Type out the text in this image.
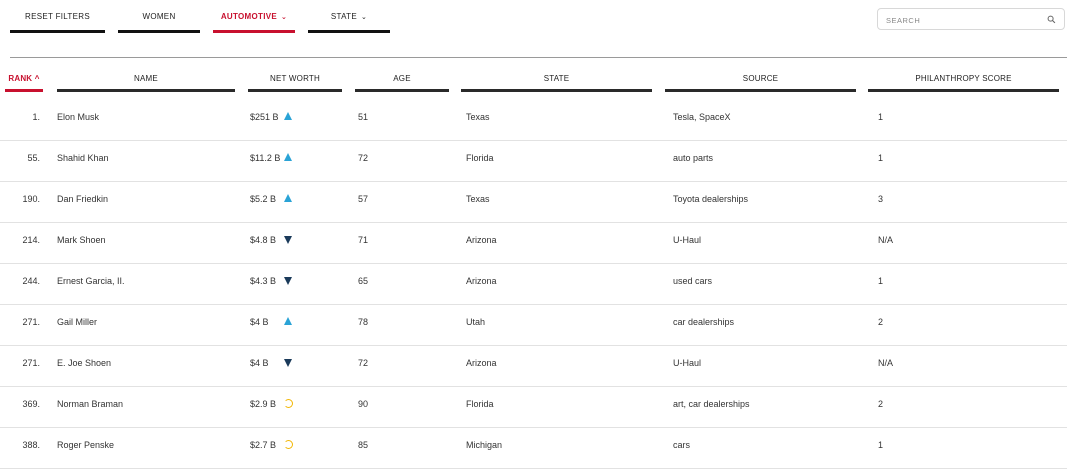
RESET FILTERS	WOMEN	AUTOMOTIVE ⌄	STATE ⌄
SEARCH
RANK ^	NAME	NET WORTH	AGE	STATE	SOURCE	PHILANTHROPY SCORE
1. Elon Musk	$251 B	51	Texas	Tesla, SpaceX	1
55. Shahid Khan	$11.2 B	72	Florida	auto parts	1
190. Dan Friedkin	$5.2 B	57	Texas	Toyota dealerships	3
214. Mark Shoen	$4.8 B	71	Arizona	U-Haul	N/A
244. Ernest Garcia, II.	$4.3 B	65	Arizona	used cars	1
271. Gail Miller	$4 B	78	Utah	car dealerships	2
271. E. Joe Shoen	$4 B	72	Arizona	U-Haul	N/A
369. Norman Braman	$2.9 B	90	Florida	art, car dealerships	2
388. Roger Penske	$2.7 B	85	Michigan	cars	1
